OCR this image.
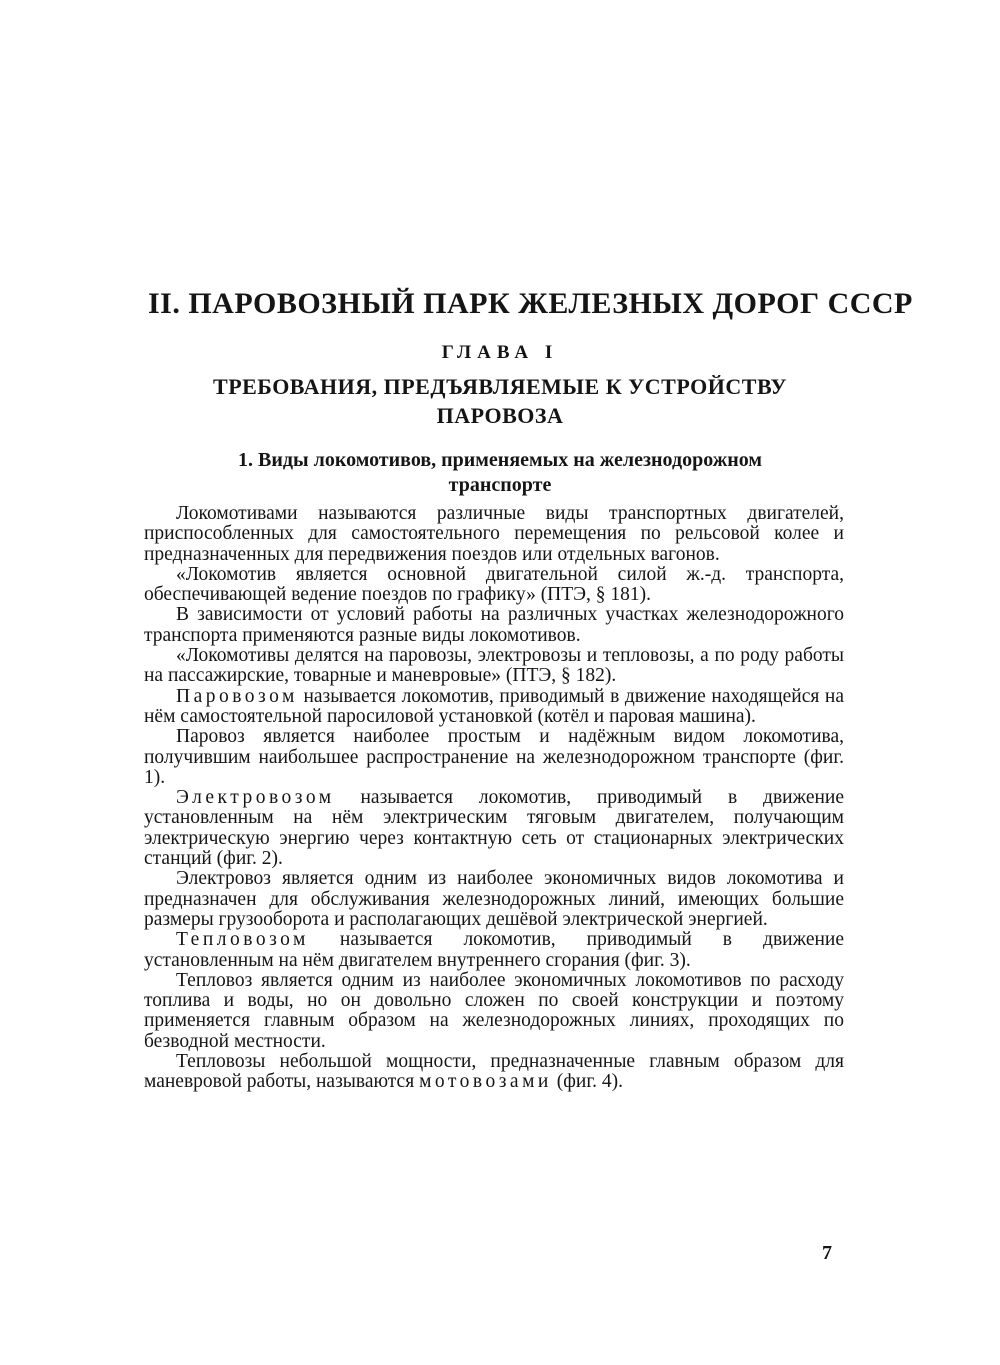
II. ПАРОВОЗНЫЙ ПАРК ЖЕЛЕЗНЫХ ДОРОГ СССР
ГЛАВА I
ТРЕБОВАНИЯ, ПРЕДЪЯВЛЯЕМЫЕ К УСТРОЙСТВУ
ПАРОВОЗА
1. Виды локомотивов, применяемых на железнодорожном
транспорте

Локомотивами называются различные виды транспортных двигателей, приспособленных для самостоятельного перемещения по рельсовой колее и предназначенных для передвижения поездов или отдельных вагонов.

«Локомотив является основной двигательной силой ж.-д. транспорта, обеспечивающей ведение поездов по графику» (ПТЭ, § 181).

В зависимости от условий работы на различных участках железнодорожного транспорта применяются разные виды локомотивов.

«Локомотивы делятся на паровозы, электровозы и тепловозы, а по роду работы на пассажирские, товарные и маневровые» (ПТЭ, § 182).

Паровозом называется локомотив, приводимый в движение находящейся на нём самостоятельной паросиловой установкой (котёл и паровая машина).

Паровоз является наиболее простым и надёжным видом локомотива, получившим наибольшее распространение на железнодорожном транспорте (фиг. 1).

Электровозом называется локомотив, приводимый в движение установленным на нём электрическим тяговым двигателем, получающим электрическую энергию через контактную сеть от стационарных электрических станций (фиг. 2).

Электровоз является одним из наиболее экономичных видов локомотива и предназначен для обслуживания железнодорожных линий, имеющих большие размеры грузооборота и располагающих дешёвой электрической энергией.

Тепловозом называется локомотив, приводимый в движение установленным на нём двигателем внутреннего сгорания (фиг. 3).

Тепловоз является одним из наиболее экономичных локомотивов по расходу топлива и воды, но он довольно сложен по своей конструкции и поэтому применяется главным образом на железнодорожных линиях, проходящих по безводной местности.

Тепловозы небольшой мощности, предназначенные главным образом для маневровой работы, называются мотовозами (фиг. 4).

7
